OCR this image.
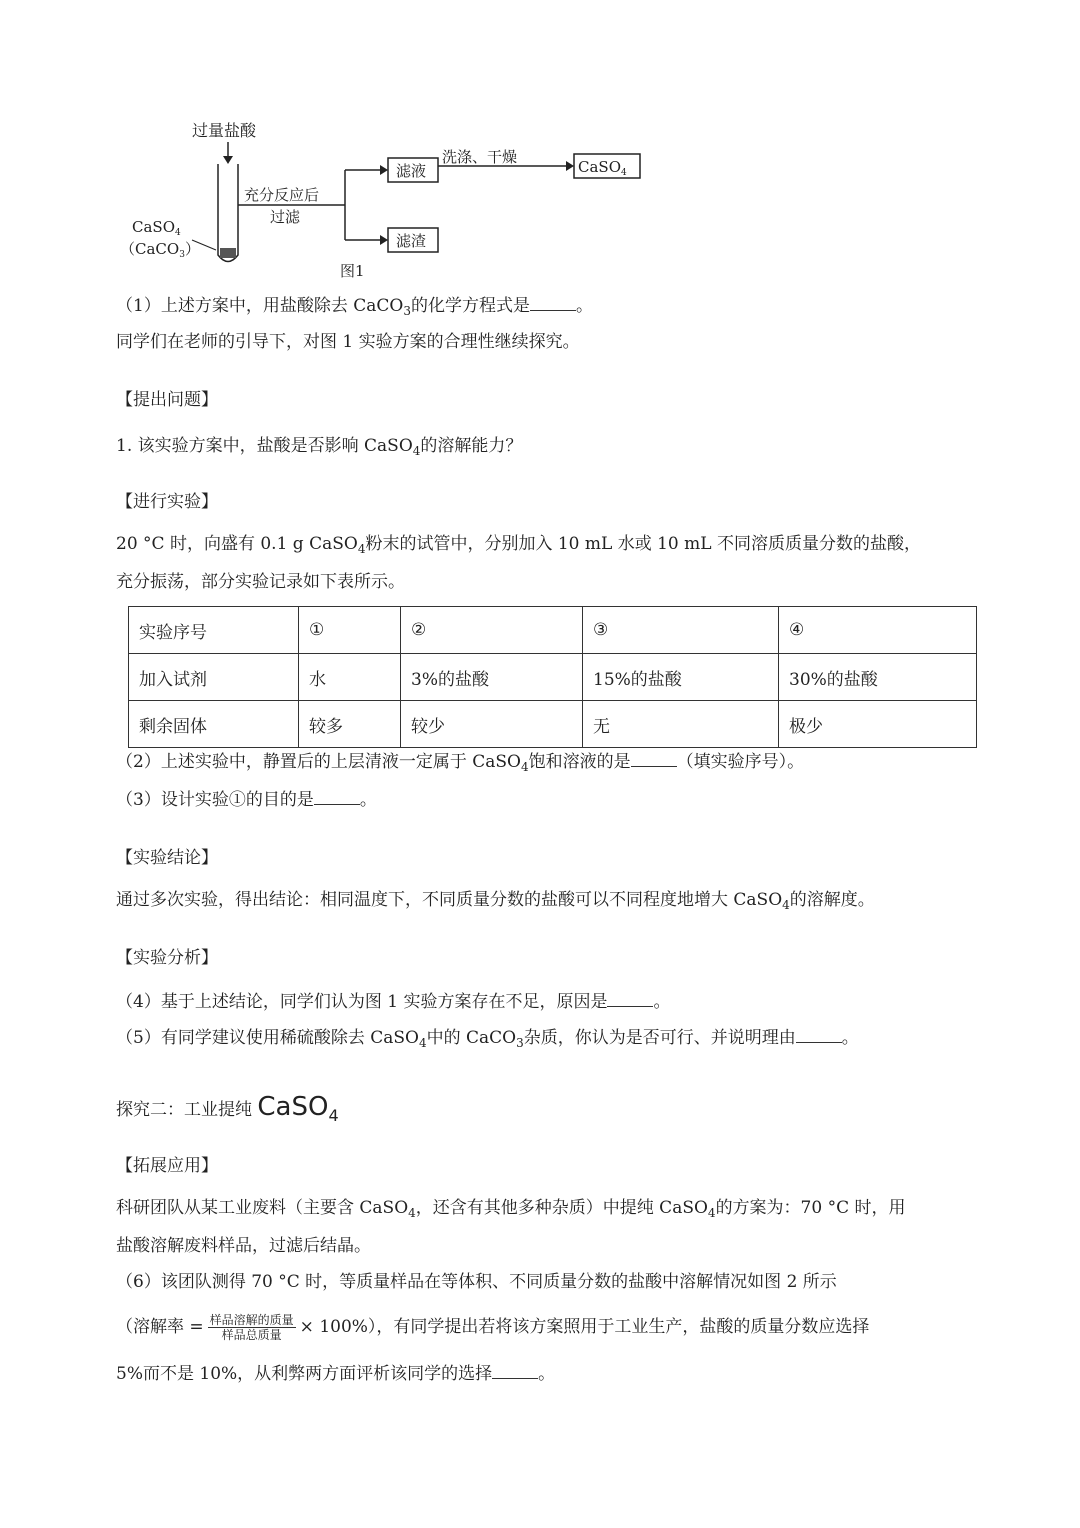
过量盐酸
CaSO$_4$
（CaCO$_3$）
充分反应后
过滤
滤液
洗涤、干燥
CaSO$_4$
滤渣
图1
（1）上述方案中，用盐酸除去 CaCO$_3$的化学方程式是	。
同学们在老师的引导下，对图 1 实验方案的合理性继续探究。
【提出问题】
1. 该实验方案中，盐酸是否影响 CaSO$_4$的溶解能力？
【进行实验】
20 °C 时，向盛有 0.1 g CaSO$_4$粉末的试管中，分别加入 10 mL 水或 10 mL 不同溶质质量分数的盐酸，
充分振荡，部分实验记录如下表所示。
实验序号	①	②	③	④
加入试剂	水	3%的盐酸	15%的盐酸	30%的盐酸
剩余固体	较多	较少	无	极少
（2）上述实验中，静置后的上层清液一定属于 CaSO$_4$饱和溶液的是	（填实验序号）。
（3）设计实验①的目的是	。
【实验结论】
通过多次实验，得出结论：相同温度下，不同质量分数的盐酸可以不同程度地增大 CaSO$_4$的溶解度。
【实验分析】
（4）基于上述结论，同学们认为图 1 实验方案存在不足，原因是	。
（5）有同学建议使用稀硫酸除去 CaSO$_4$中的 CaCO$_3$杂质，你认为是否可行、并说明理由	。
探究二：工业提纯 CaSO4
【拓展应用】
科研团队从某工业废料（主要含 CaSO$_4$，还含有其他多种杂质）中提纯 CaSO$_4$的方案为：70 °C 时，用
盐酸溶解废料样品，过滤后结晶。
（6）该团队测得 70 °C 时，等质量样品在等体积、不同质量分数的盐酸中溶解情况如图 2 所示
（溶解率 = $\frac{\text{样品溶解的质量}}{\text{样品总质量}} \times 100\%$），有同学提出若将该方案照用于工业生产，盐酸的质量分数应选择
5%而不是 10%，从利弊两方面评析该同学的选择	。
